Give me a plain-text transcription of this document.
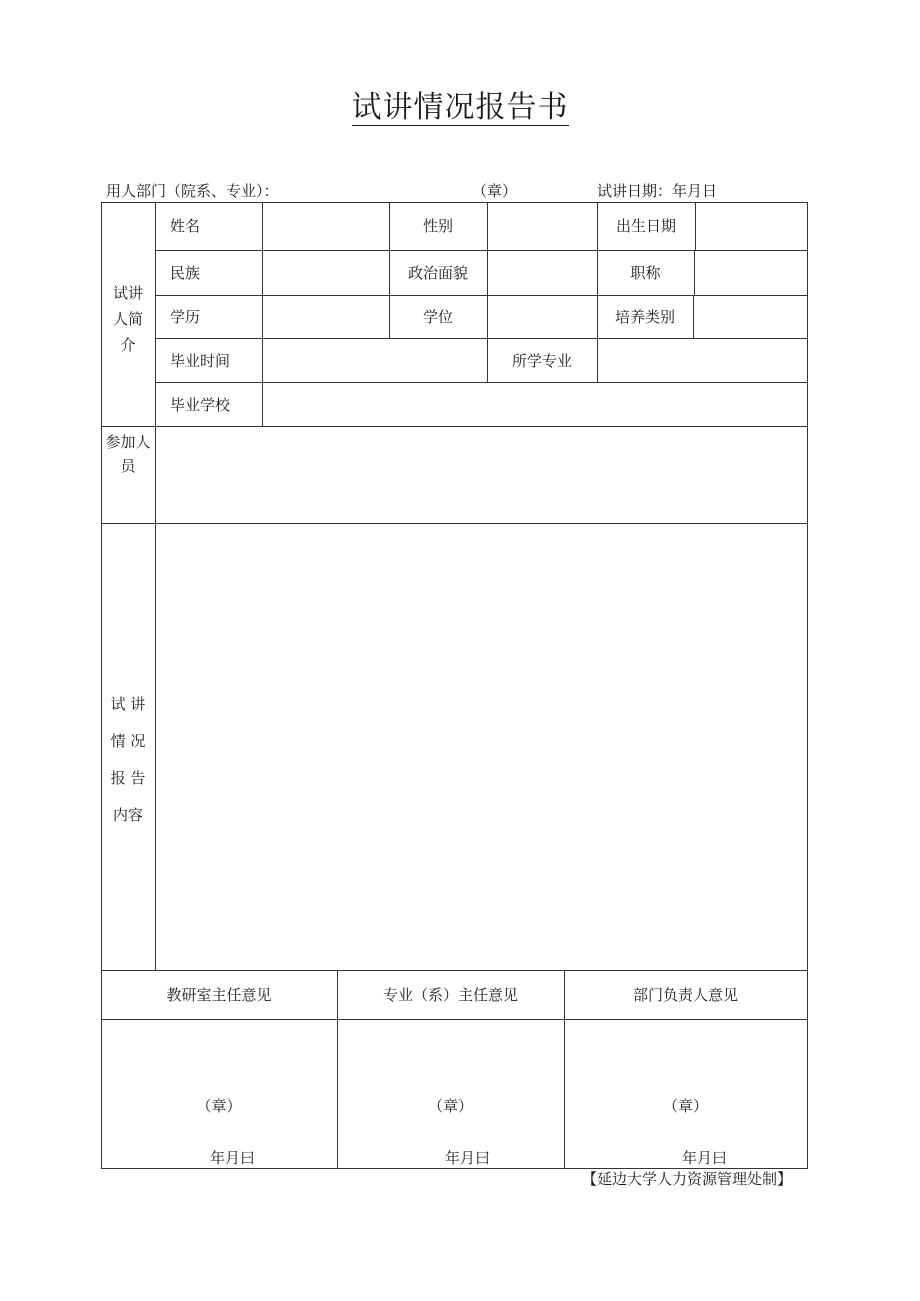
试讲情况报告书
用人部门（院系、专业）：	（章）	试讲日期：年月日
试讲
人简
介
姓名	性别	出生日期
民族	政治面貌	职称
学历	学位	培养类别
毕业时间	所学专业
毕业学校
参加人
员
试 讲
情 况
报 告
内容
教研室主任意见	专业（系）主任意见	部门负责人意见
（章）	（章）	（章）
年月曰	年月曰	年月曰
【延边大学人力资源管理处制】
